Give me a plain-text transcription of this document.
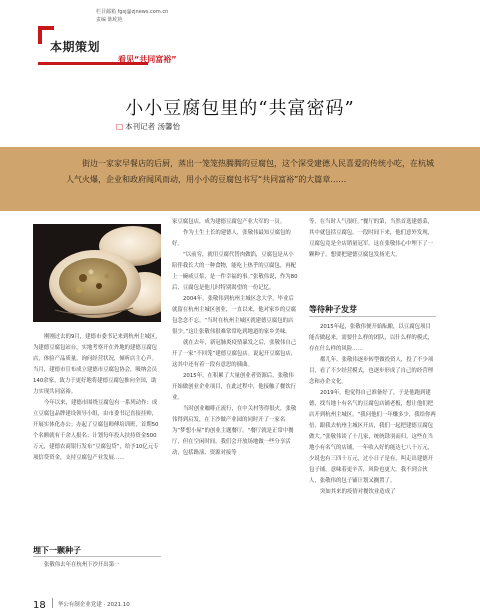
栏目邮箱 fgsj@zjnews.com.cn
责编 陈屹艳
本期策划
看见“共同富裕”
小小豆腐包里的“共富密码”
□ 本刊记者 汤馨怡
街边一家家早餐店的后厨，蒸出一笼笼热腾腾的豆腐包，这个深受建德人民喜爱的传统小吃，在杭城人气火爆，企业和政府闻风而动，用小小的豆腐包书写“共同富裕”的大篇章……

刚刚过去的9月，建德市委书记来到杭州主城区，为建德豆腐包站台，实地考察开在外地的建德豆腐包店，体验产品质量，询问经营状况，倾听店主心声。当月，建德市宣布成立建德市豆腐包协会，吸纳会员140余家，致力于更好地将建德豆腐包推向全国，助力实现共同富裕。

今年以来，建德市围绕豆腐包有一系列动作：成立豆腐包品牌建设领导小组，由市委书记直接挂帅，开展实体化办公；办起了豆腐包师傅培训班，首期50个名额就有千余人报名；计划每年投入扶持资金500万元，建德农商银行发布“豆腐包贷”，给予10亿元专项信贷资金，支持豆腐包产业发展……

埋下一颗种子

张敬伟去年在杭州下沙开出第一

家豆腐包店，成为建德豆腐包产业大军的一员。

作为土生土长的建德人，张敬伟最知豆腐包的好。

“以前穷，就用豆腐代替肉做馅，豆腐包是从小陪伴我长大的一种食物，能吃上热乎的豆腐包，再配上一碗咸豆浆，是一件幸福的事。”张敬伟说，作为80后，豆腐包是他儿时特别渴望的一份记忆。

2004年，张敬伟到杭州主城区念大学，毕业后就留在杭州主城区创业，一直以来，他对家乡的豆腐包念念不忘。“当时在杭州主城区就建德豆腐包的店很少。”这让张敬伟很难常常吃到地道的家乡美味。

就在去年，新冠肺炎疫情暴发之后，张敬伟自己开了一家“不回笼”建德豆腐包店。说起开豆腐包店，这其中还有着一段有意思的插曲。

2015年，在积累了大量创业者资源后，张敬伟开始做创业企业项目，在此过程中，他接触了餐饮行业。

当时创业咖啡正流行，在中关村等得很火，张敬伟得到启发，在下沙做产业园的同时开了一家名为“梦想小屋”的创业主题餐厅。“餐厅就是正常中餐厅，但在空闲时间，我们会开放场地做一些分享活动，包括路演、资源对接等

等，在当时人气很旺。”餐厅的第，当然首选建德菜，其中就包括豆腐包。一段时间下来，他们意外发现，豆腐包竟是全店销量冠军。这在张敬伟心中埋下了一颗种子，想要把建德豆腐包发扬光大。

等待种子发芽

2015年起，张敬伟便开始酝酿，以豆腐包项目能否做起来，需要什么样的团队，以什么样的模式，存在什么样的风险……

都儿年，张敬伟逐步转型做投资人，投了不少项目，看了不少经营模式，也逐步形成了自己的经营理念和办企文化。

2019年，他觉得自己准备好了，于是他跑到建德，找当地十有名气的豆腐包店铺老板，想让他们把店开到杭州主城区。“我问他们一年赚多少，我给你两倍，跟我去杭州主城区开店，我们一起把建德豆腐包做大。”张敬伟谈了十几家，统统铩羽而归。这些在当地小有名气的店铺，一年收入好的能达七八十万元，少说也有三四十万元，过小日子是有，叫走出建德开包子铺，意味着更辛苦，风险也更大。我不到合伙人，张敬伟的包子铺计划又搁置了。

突如其来的疫情对餐饮业造成了

18 华公有制企业党建 · 2021.10
